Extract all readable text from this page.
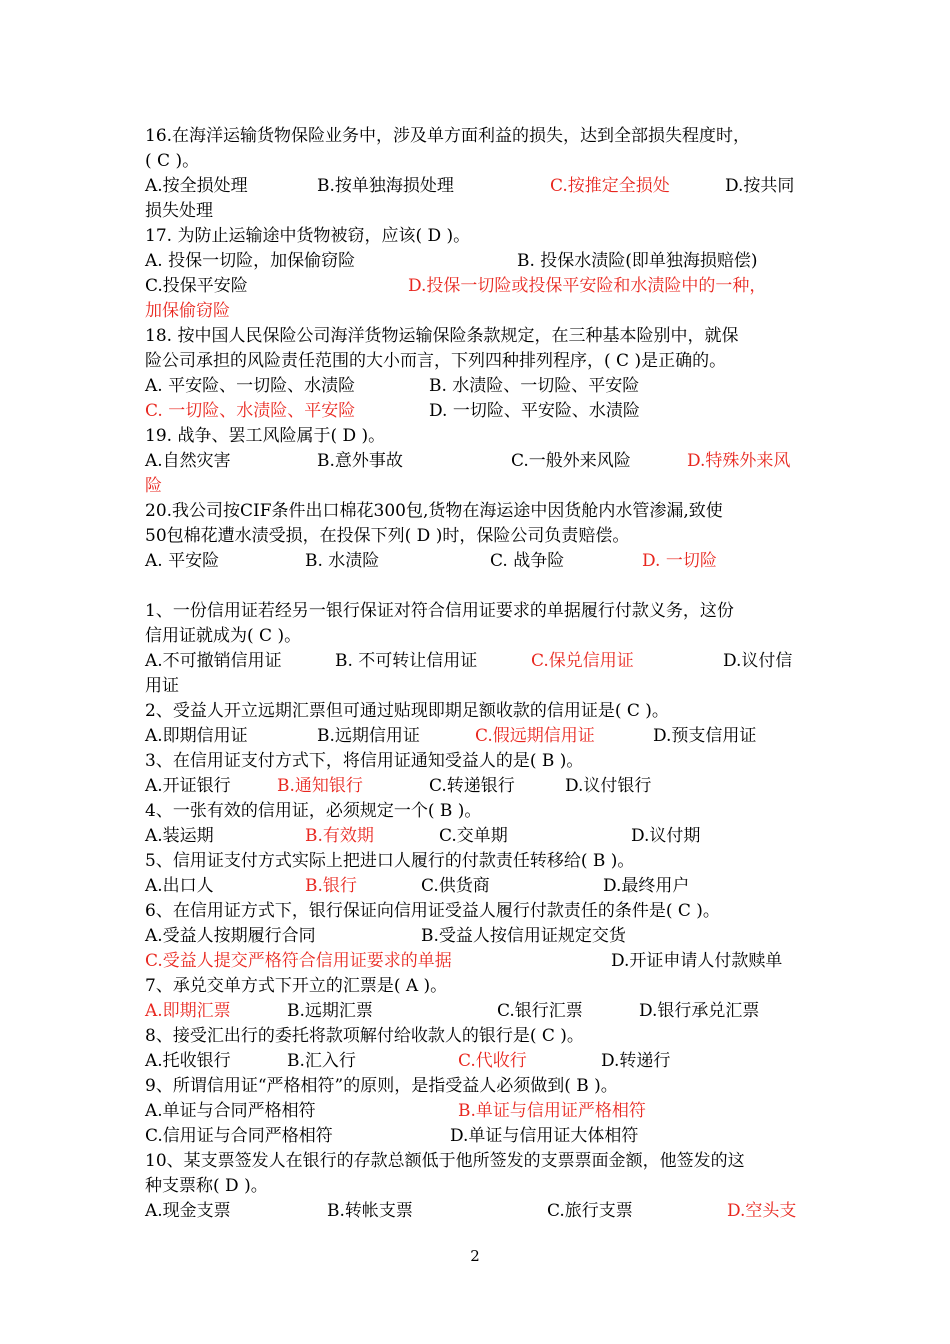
16.在海洋运输货物保险业务中，涉及单方面利益的损失，达到全部损失程度时，
( C )。
A.按全损处理	B.按单独海损处理	C.按推定全损处	D.按共同
损失处理
17. 为防止运输途中货物被窃，应该( D )。
A. 投保一切险，加保偷窃险	B. 投保水渍险(即单独海损赔偿)
C.投保平安险	D.投保一切险或投保平安险和水渍险中的一种，
加保偷窃险
18. 按中国人民保险公司海洋货物运输保险条款规定，在三种基本险别中，就保
险公司承担的风险责任范围的大小而言，下列四种排列程序，( C )是正确的。
A. 平安险、一切险、水渍险	B. 水渍险、一切险、平安险
C. 一切险、水渍险、平安险	D. 一切险、平安险、水渍险
19. 战争、罢工风险属于( D )。
A.自然灾害	B.意外事故	C.一般外来风险	D.特殊外来风
险
20.我公司按CIF条件出口棉花300包,货物在海运途中因货舱内水管渗漏,致使
50包棉花遭水渍受损，在投保下列( D )时，保险公司负责赔偿。
A. 平安险	B. 水渍险	C. 战争险	D. 一切险
1、一份信用证若经另一银行保证对符合信用证要求的单据履行付款义务，这份
信用证就成为( C )。
A.不可撤销信用证	B. 不可转让信用证	C.保兑信用证	D.议付信
用证
2、受益人开立远期汇票但可通过贴现即期足额收款的信用证是( C )。
A.即期信用证	B.远期信用证	C.假远期信用证	D.预支信用证
3、在信用证支付方式下，将信用证通知受益人的是( B )。
A.开证银行	B.通知银行	C.转递银行	D.议付银行
4、一张有效的信用证，必须规定一个( B )。
A.装运期	B.有效期	C.交单期	D.议付期
5、信用证支付方式实际上把进口人履行的付款责任转移给( B )。
A.出口人	B.银行	C.供货商	D.最终用户
6、在信用证方式下，银行保证向信用证受益人履行付款责任的条件是( C )。
A.受益人按期履行合同	B.受益人按信用证规定交货
C.受益人提交严格符合信用证要求的单据	D.开证申请人付款赎单
7、承兑交单方式下开立的汇票是( A )。
A.即期汇票	B.远期汇票	C.银行汇票	D.银行承兑汇票
8、接受汇出行的委托将款项解付给收款人的银行是( C )。
A.托收银行	B.汇入行	C.代收行	D.转递行
9、所谓信用证“严格相符”的原则，是指受益人必须做到( B )。
A.单证与合同严格相符	B.单证与信用证严格相符
C.信用证与合同严格相符	D.单证与信用证大体相符
10、某支票签发人在银行的存款总额低于他所签发的支票票面金额，他签发的这
种支票称( D )。
A.现金支票	B.转帐支票	C.旅行支票	D.空头支
2
